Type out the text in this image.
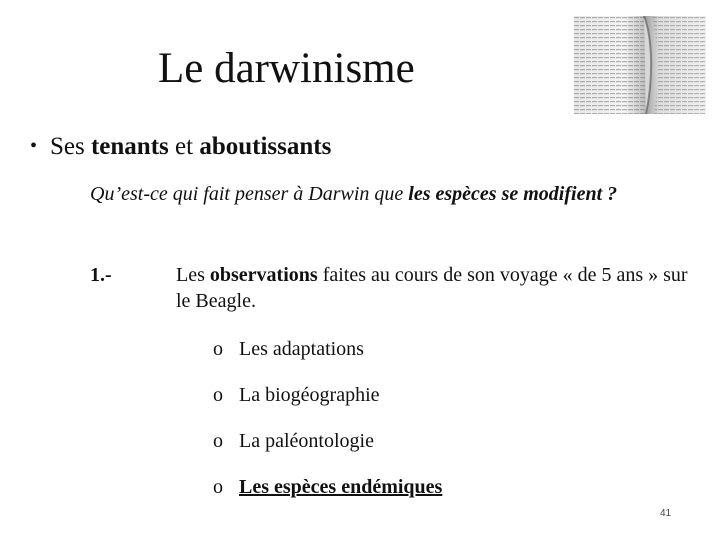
Le darwinisme
• Ses tenants et aboutissants
Qu’est-ce qui fait penser à Darwin que les espèces se modifient ?
1.-	Les observations faites au cours de son voyage « de 5 ans » sur le Beagle.
o Les adaptations
o La biogéographie
o La paléontologie
o Les espèces endémiques
41
